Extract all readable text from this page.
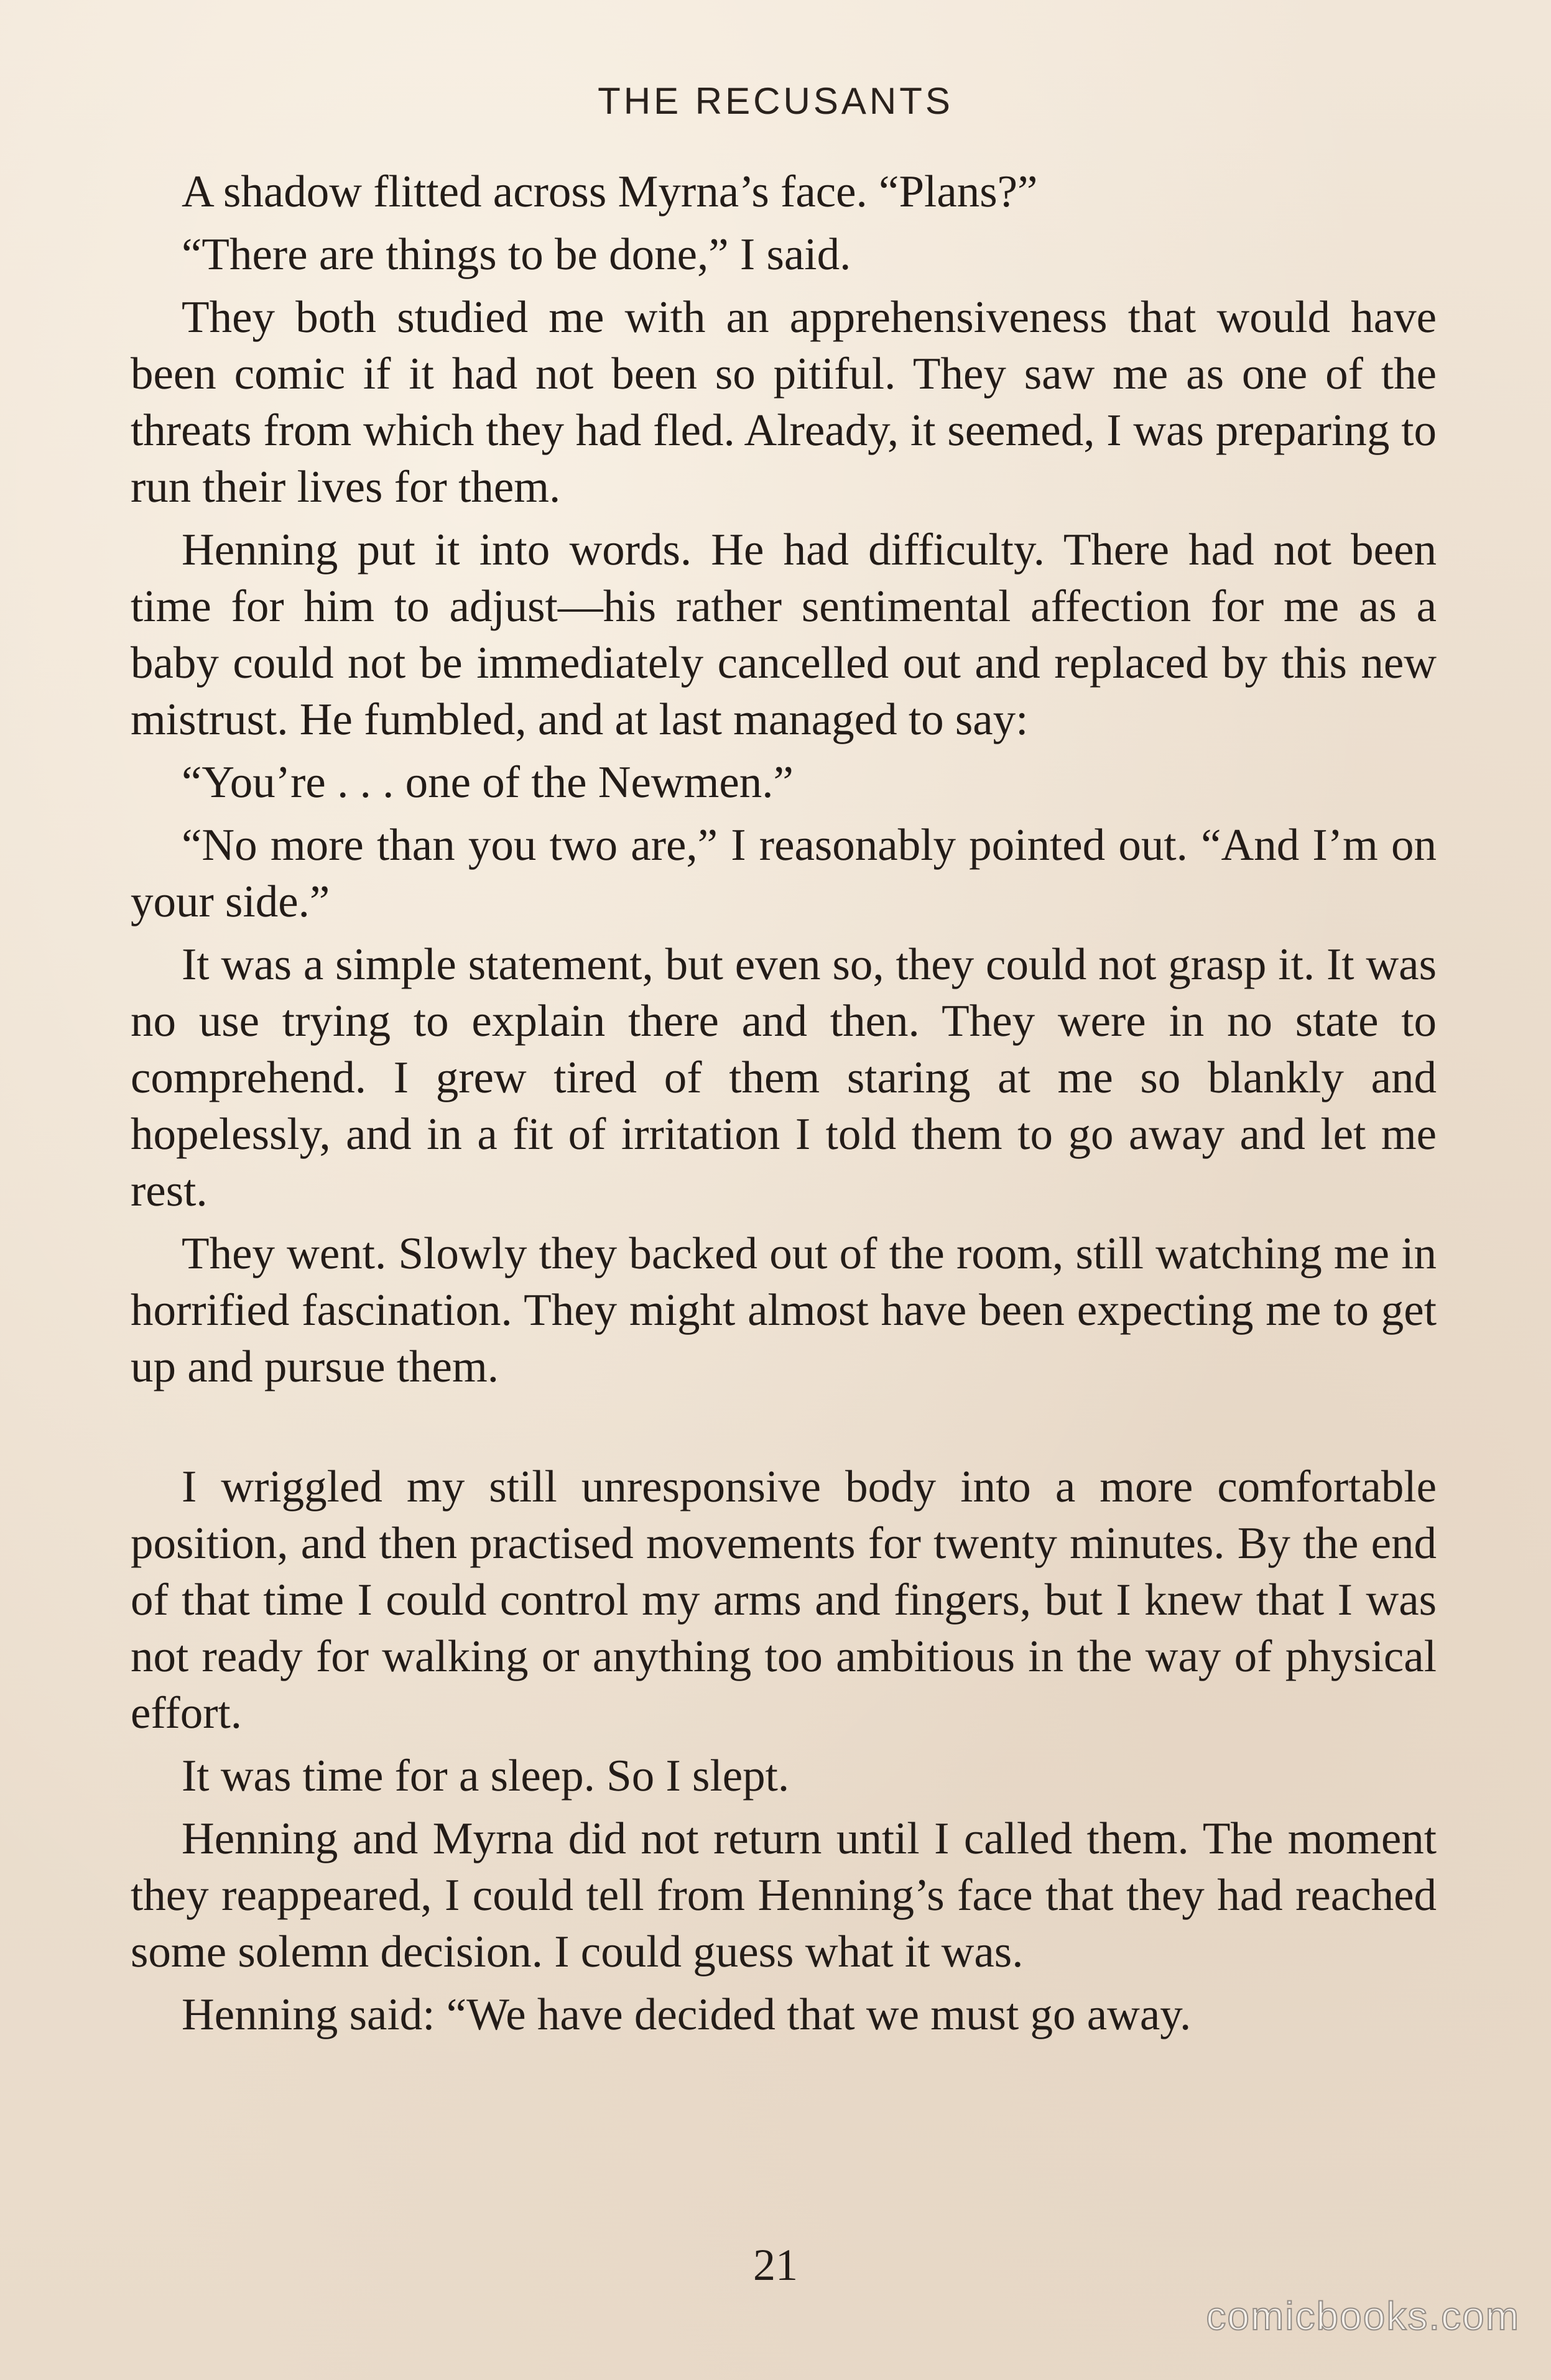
THE RECUSANTS

A shadow flitted across Myrna’s face. “Plans?”

“There are things to be done,” I said.

They both studied me with an apprehensiveness that would have been comic if it had not been so pitiful. They saw me as one of the threats from which they had fled. Already, it seemed, I was preparing to run their lives for them.

Henning put it into words. He had difficulty. There had not been time for him to adjust—his rather sentimental affection for me as a baby could not be immediately cancelled out and replaced by this new mistrust. He fumbled, and at last managed to say:

“You’re . . . one of the Newmen.”

“No more than you two are,” I reasonably pointed out. “And I’m on your side.”

It was a simple statement, but even so, they could not grasp it. It was no use trying to explain there and then. They were in no state to comprehend. I grew tired of them staring at me so blankly and hopelessly, and in a fit of irritation I told them to go away and let me rest.

They went. Slowly they backed out of the room, still watching me in horrified fascination. They might almost have been expecting me to get up and pursue them.

I wriggled my still unresponsive body into a more comfortable position, and then practised movements for twenty minutes. By the end of that time I could control my arms and fingers, but I knew that I was not ready for walking or anything too ambitious in the way of physical effort.

It was time for a sleep. So I slept.

Henning and Myrna did not return until I called them. The moment they reappeared, I could tell from Henning’s face that they had reached some solemn decision. I could guess what it was.

Henning said: “We have decided that we must go away.

21
comicbooks.com
